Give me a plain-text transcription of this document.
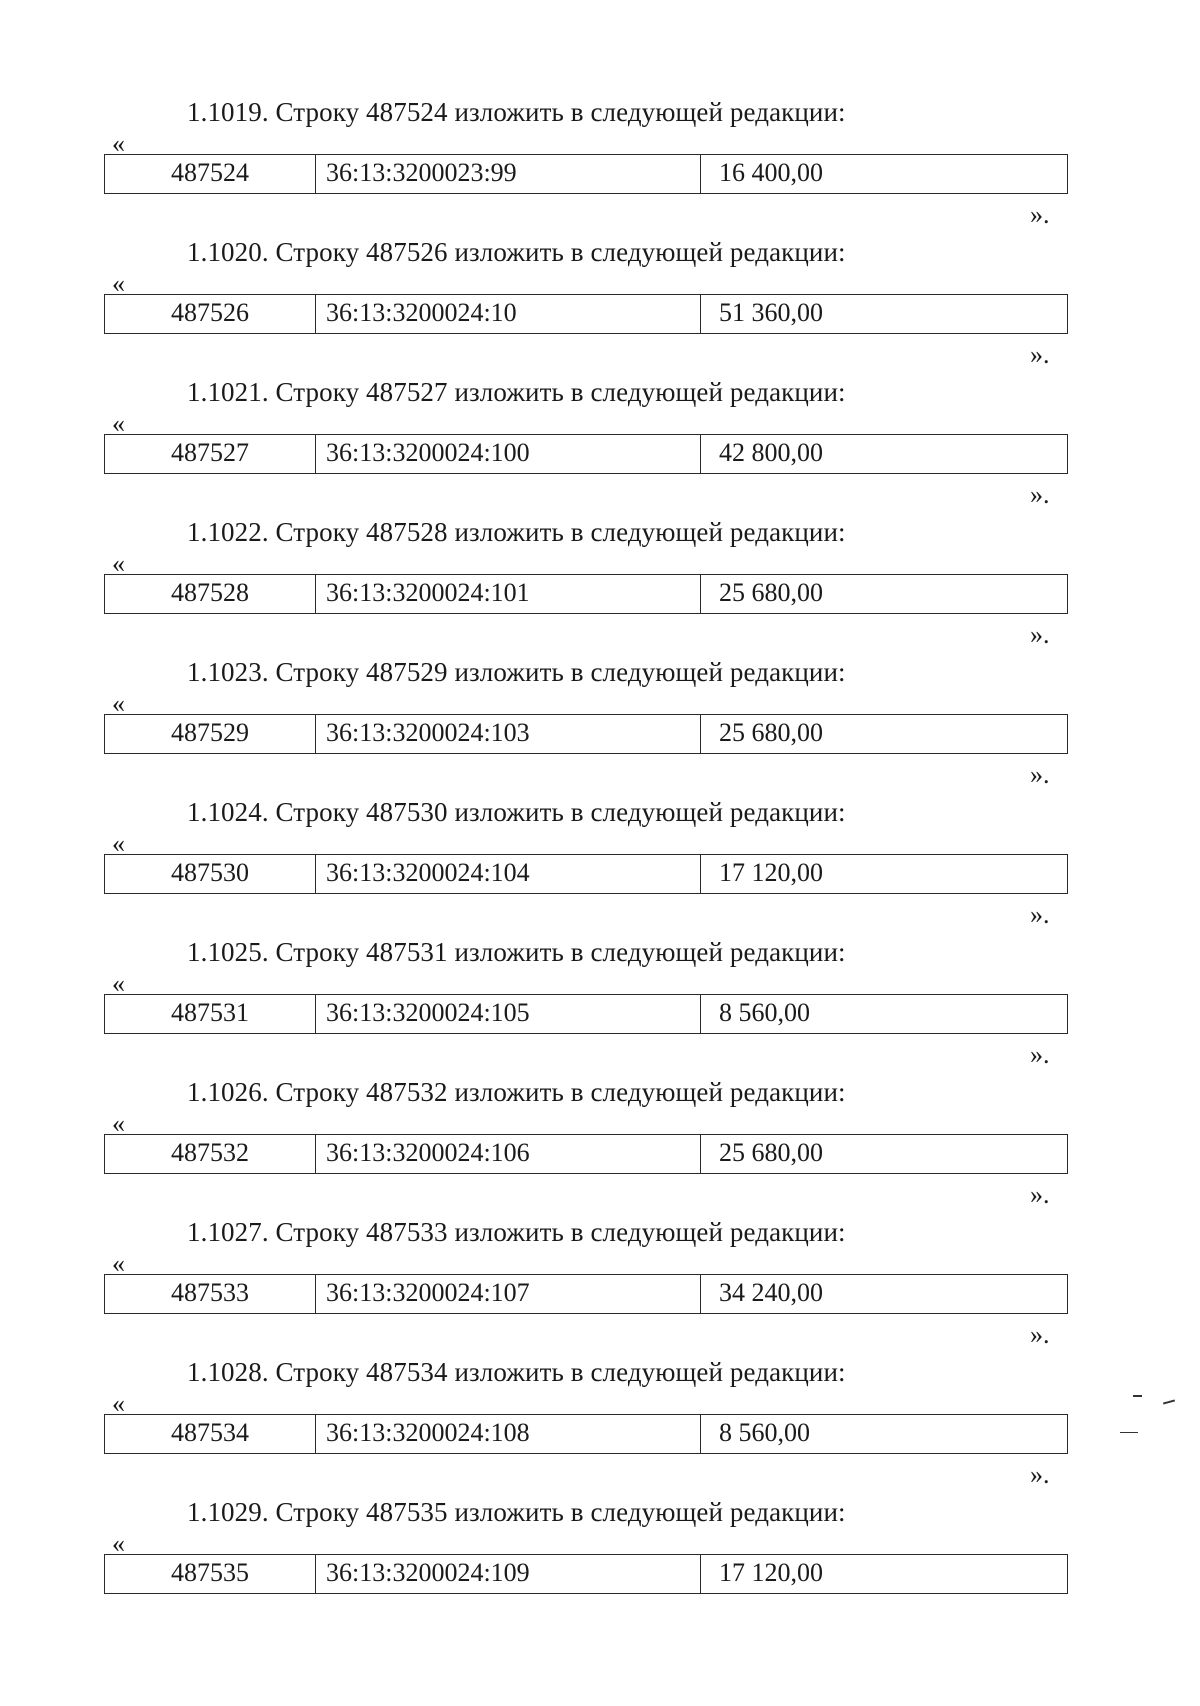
1.1019. Строку 487524 изложить в следующей редакции:
«
487524	36:13:3200023:99	16 400,00
».
1.1020. Строку 487526 изложить в следующей редакции:
«
487526	36:13:3200024:10	51 360,00
».
1.1021. Строку 487527 изложить в следующей редакции:
«
487527	36:13:3200024:100	42 800,00
».
1.1022. Строку 487528 изложить в следующей редакции:
«
487528	36:13:3200024:101	25 680,00
».
1.1023. Строку 487529 изложить в следующей редакции:
«
487529	36:13:3200024:103	25 680,00
».
1.1024. Строку 487530 изложить в следующей редакции:
«
487530	36:13:3200024:104	17 120,00
».
1.1025. Строку 487531 изложить в следующей редакции:
«
487531	36:13:3200024:105	8 560,00
».
1.1026. Строку 487532 изложить в следующей редакции:
«
487532	36:13:3200024:106	25 680,00
».
1.1027. Строку 487533 изложить в следующей редакции:
«
487533	36:13:3200024:107	34 240,00
».
1.1028. Строку 487534 изложить в следующей редакции:
«
487534	36:13:3200024:108	8 560,00
».
1.1029. Строку 487535 изложить в следующей редакции:
«
487535	36:13:3200024:109	17 120,00
